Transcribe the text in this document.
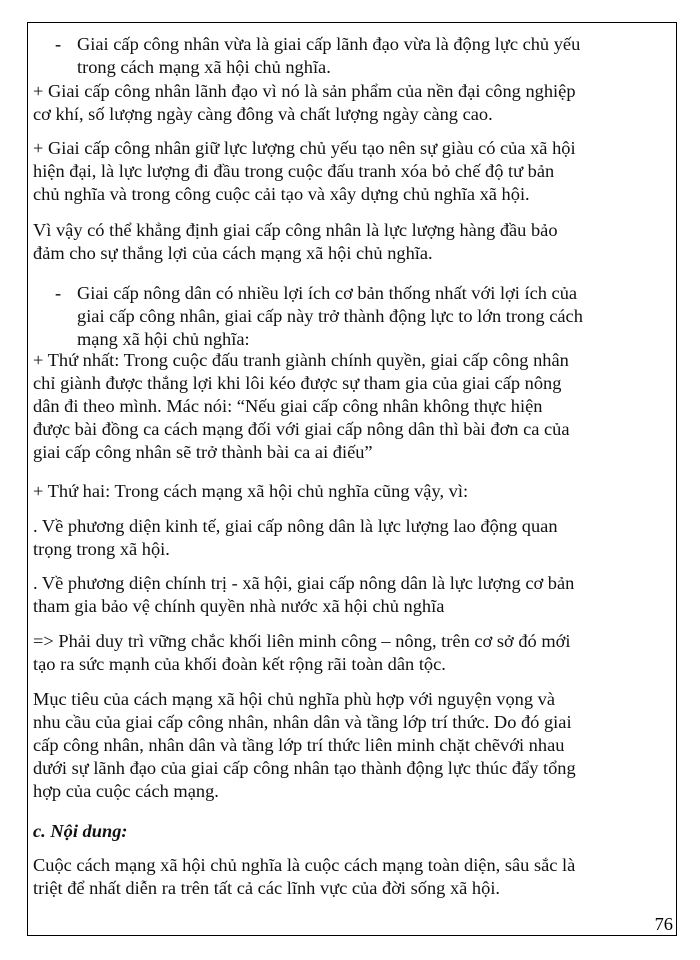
- Giai cấp công nhân vừa là giai cấp lãnh đạo vừa là động lực chủ yếu
trong cách mạng xã hội chủ nghĩa.
+ Giai cấp công nhân lãnh đạo vì nó là sản phẩm của nền đại công nghiệp
cơ khí, số lượng ngày càng đông và chất lượng ngày càng cao.
+ Giai cấp công nhân giữ lực lượng chủ yếu tạo nên sự giàu có của xã hội
hiện đại, là lực lượng đi đầu trong cuộc đấu tranh xóa bỏ chế độ tư bản
chủ nghĩa và trong công cuộc cải tạo và xây dựng chủ nghĩa xã hội.
Vì vậy có thể khẳng định giai cấp công nhân là lực lượng hàng đầu bảo
đảm cho sự thắng lợi của cách mạng xã hội chủ nghĩa.
- Giai cấp nông dân có nhiều lợi ích cơ bản thống nhất với lợi ích của
giai cấp công nhân, giai cấp này trở thành động lực to lớn trong cách
mạng xã hội chủ nghĩa:
+ Thứ nhất: Trong cuộc đấu tranh giành chính quyền, giai cấp công nhân
chỉ giành được thắng lợi khi lôi kéo được sự tham gia của giai cấp nông
dân đi theo mình. Mác nói: “Nếu giai cấp công nhân không thực hiện
được bài đồng ca cách mạng đối với giai cấp nông dân thì bài đơn ca của
giai cấp công nhân sẽ trở thành bài ca ai điếu”
+ Thứ hai: Trong cách mạng xã hội chủ nghĩa cũng vậy, vì:
. Về phương diện kinh tế, giai cấp nông dân là lực lượng lao động quan
trọng trong xã hội.
. Về phương diện chính trị - xã hội, giai cấp nông dân là lực lượng cơ bản
tham gia bảo vệ chính quyền nhà nước xã hội chủ nghĩa
=> Phải duy trì vững chắc khối liên minh công – nông, trên cơ sở đó mới
tạo ra sức mạnh của khối đoàn kết rộng rãi toàn dân tộc.
Mục tiêu của cách mạng xã hội chủ nghĩa phù hợp với nguyện vọng và
nhu cầu của giai cấp công nhân, nhân dân và tầng lớp trí thức. Do đó giai
cấp công nhân, nhân dân và tầng lớp trí thức liên minh chặt chẽvới nhau
dưới sự lãnh đạo của giai cấp công nhân tạo thành động lực thúc đẩy tổng
hợp của cuộc cách mạng.
c. Nội dung:
Cuộc cách mạng xã hội chủ nghĩa là cuộc cách mạng toàn diện, sâu sắc là
triệt để nhất diễn ra trên tất cả các lĩnh vực của đời sống xã hội.
76
